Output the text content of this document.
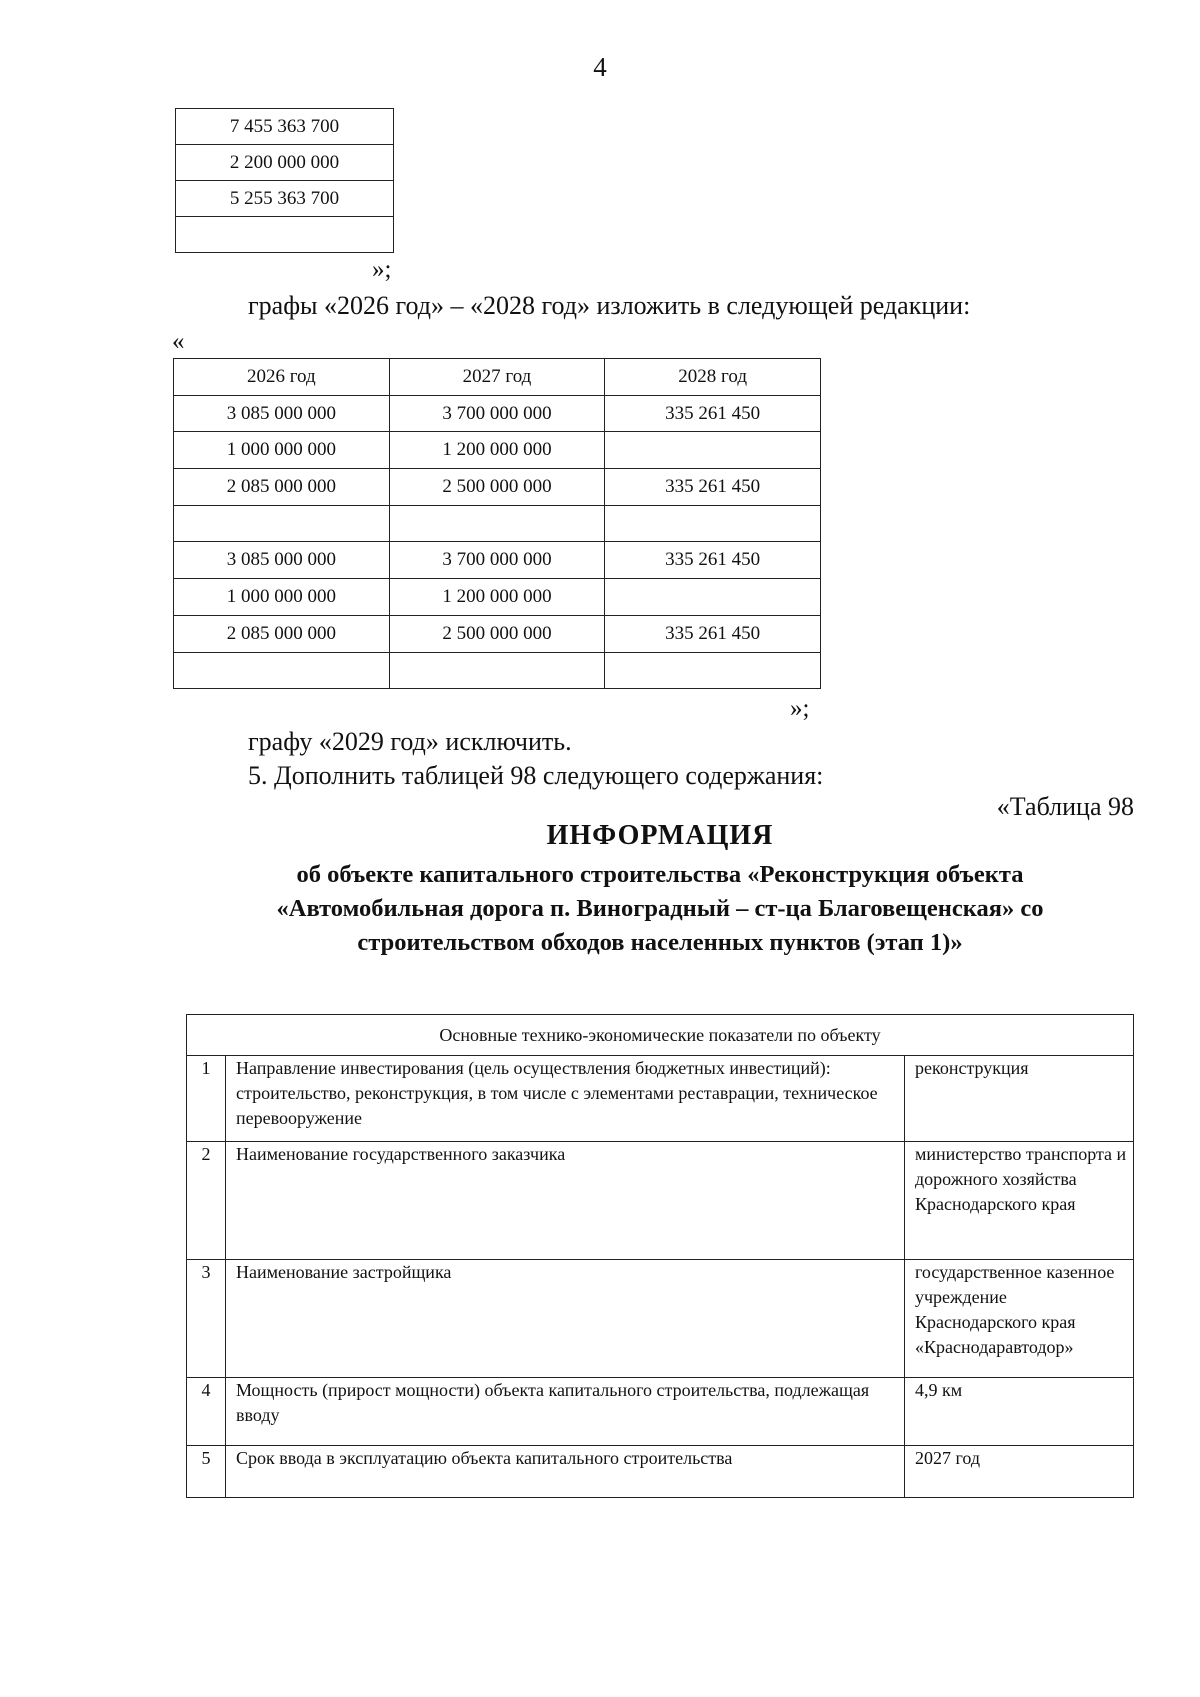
4
7 455 363 700
2 200 000 000
5 255 363 700

»;
графы «2026 год» – «2028 год» изложить в следующей редакции:
«
2026 год	2027 год	2028 год
3 085 000 000	3 700 000 000	335 261 450
1 000 000 000	1 200 000 000	
2 085 000 000	2 500 000 000	335 261 450

3 085 000 000	3 700 000 000	335 261 450
1 000 000 000	1 200 000 000	
2 085 000 000	2 500 000 000	335 261 450

»;
графу «2029 год» исключить.
5. Дополнить таблицей 98 следующего содержания:
«Таблица 98
ИНФОРМАЦИЯ
об объекте капитального строительства «Реконструкция объекта «Автомобильная дорога п. Виноградный – ст-ца Благовещенская» со строительством обходов населенных пунктов (этап 1)»
Основные технико-экономические показатели по объекту		
1	Направление инвестирования (цель осуществления бюджетных инвестиций): строительство, реконструкция, в том числе с элементами реставрации, техническое перевооружение	реконструкция
2	Наименование государственного заказчика	министерство транспорта и дорожного хозяйства Краснодарского края
3	Наименование застройщика	государственное казенное учреждение Краснодарского края «Краснодаравтодор»
4	Мощность (прирост мощности) объекта капитального строительства, подлежащая вводу	4,9 км
5	Срок ввода в эксплуатацию объекта капитального строительства	2027 год
